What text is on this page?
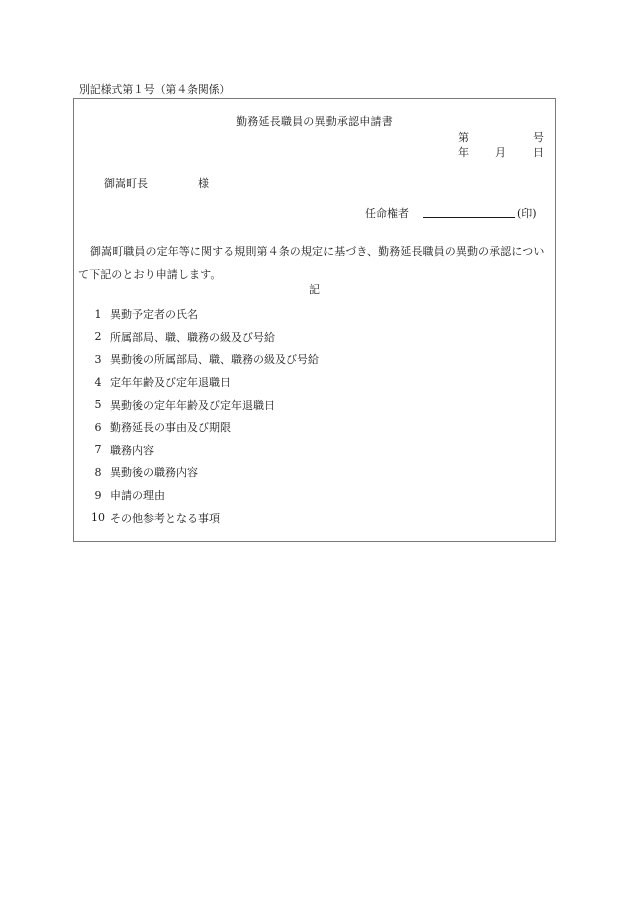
別記様式第１号（第４条関係）
勤務延長職員の異動承認申請書
第	号
年 月 日
御嵩町長	様
任命権者	(印)

御嵩町職員の定年等に関する規則第４条の規定に基づき、勤務延長職員の異動の承認について下記のとおり申請します。

記
1 異動予定者の氏名
2 所属部局、職、職務の級及び号給
3 異動後の所属部局、職、職務の級及び号給
4 定年年齢及び定年退職日
5 異動後の定年年齢及び定年退職日
6 勤務延長の事由及び期限
7 職務内容
8 異動後の職務内容
9 申請の理由
10 その他参考となる事項
